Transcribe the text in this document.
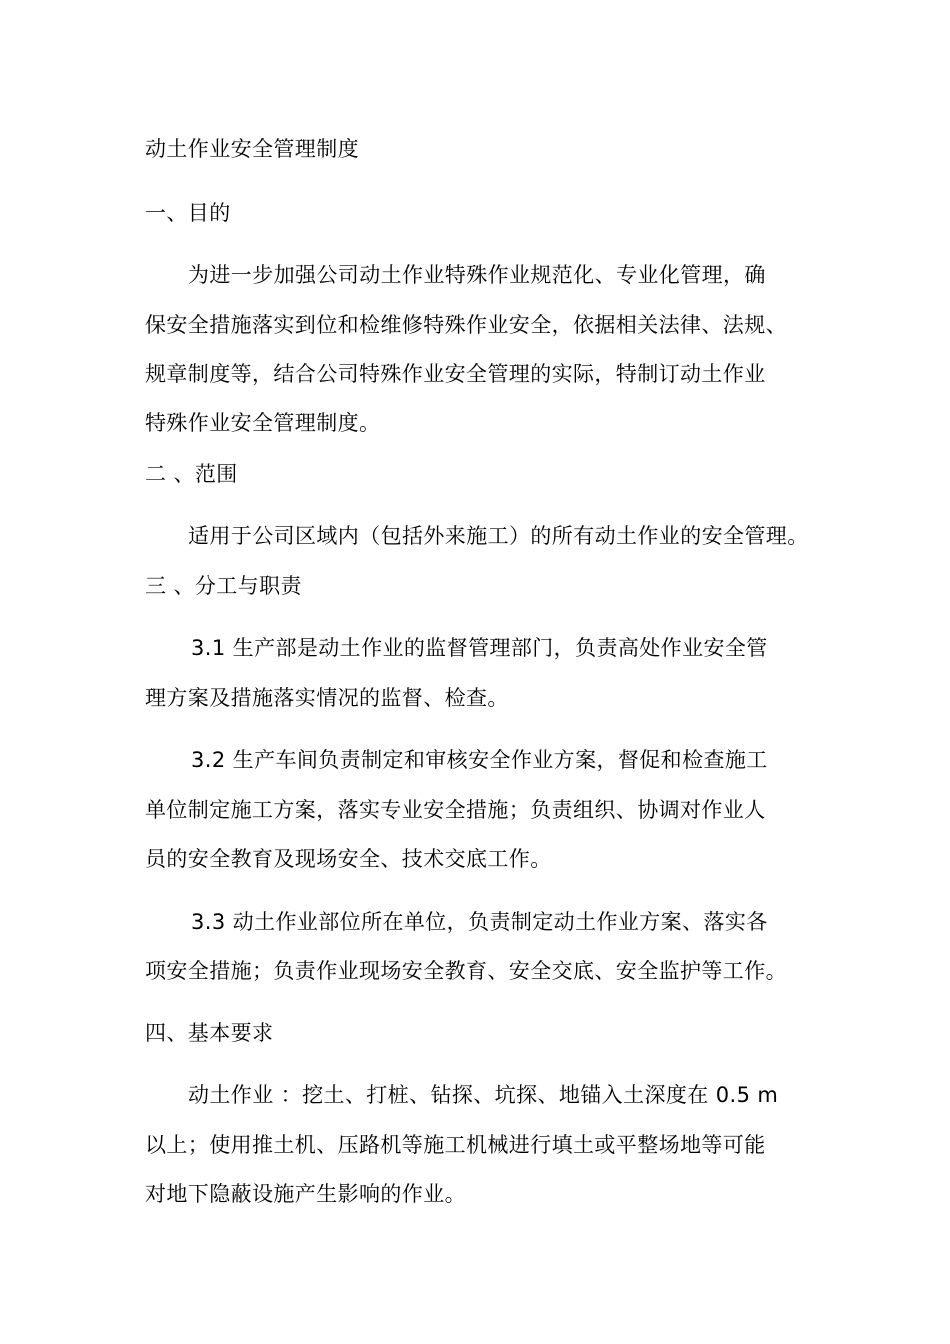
动土作业安全管理制度
一、目的
为进一步加强公司动土作业特殊作业规范化、专业化管理，确
保安全措施落实到位和检维修特殊作业安全，依据相关法律、法规、
规章制度等，结合公司特殊作业安全管理的实际，特制订动土作业
特殊作业安全管理制度。
二 、范围
适用于公司区域内（包括外来施工）的所有动土作业的安全管理。
三 、分工与职责
3.1 生产部是动土作业的监督管理部门，负责高处作业安全管
理方案及措施落实情况的监督、检查。
3.2 生产车间负责制定和审核安全作业方案，督促和检查施工
单位制定施工方案，落实专业安全措施；负责组织、协调对作业人
员的安全教育及现场安全、技术交底工作。
3.3 动土作业部位所在单位，负责制定动土作业方案、落实各
项安全措施；负责作业现场安全教育、安全交底、安全监护等工作。
四、基本要求
动土作业 ：挖土、打桩、钻探、坑探、地锚入土深度在 0.5 m
以上；使用推土机、压路机等施工机械进行填土或平整场地等可能
对地下隐蔽设施产生影响的作业。
